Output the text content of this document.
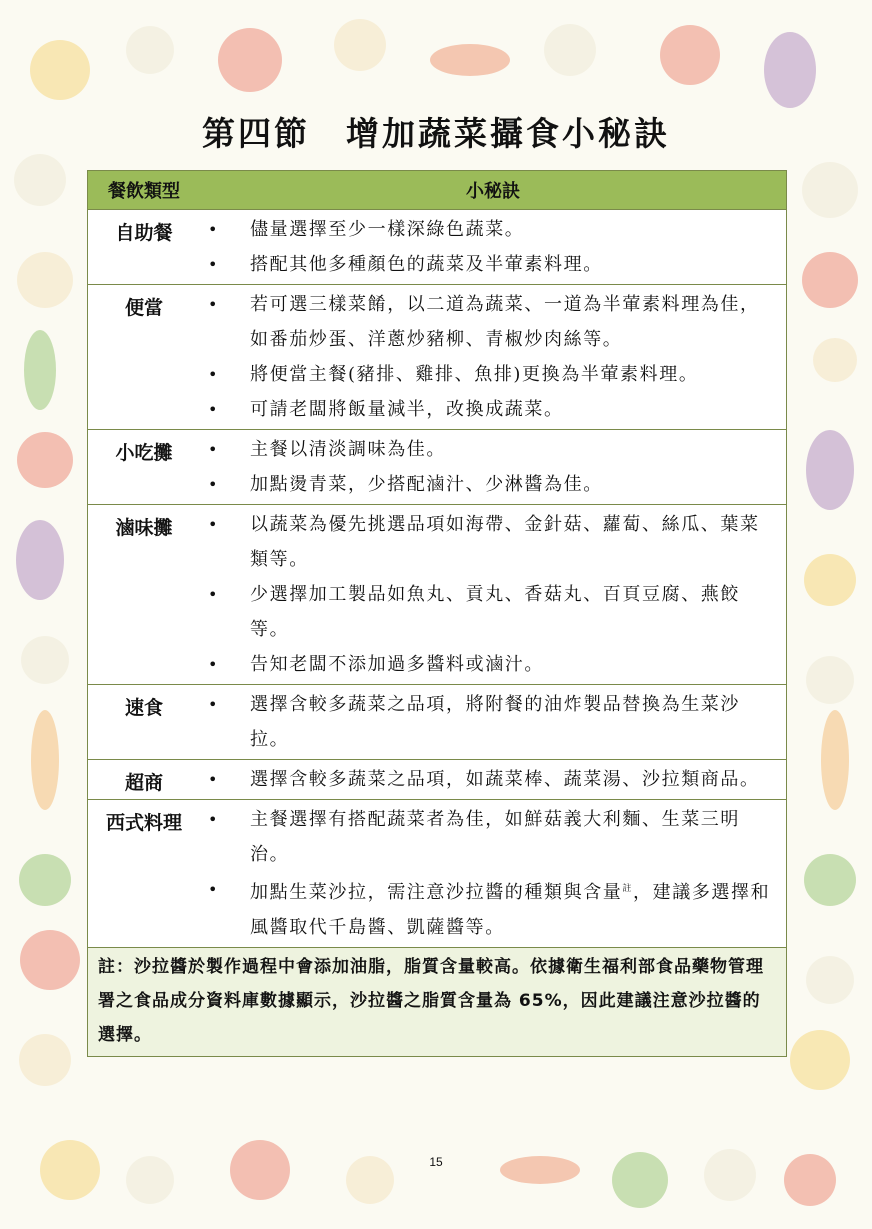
第四節　增加蔬菜攝食小秘訣
餐飲類型	小秘訣
自助餐	• 儘量選擇至少一樣深綠色蔬菜。
• 搭配其他多種顏色的蔬菜及半葷素料理。
便當	• 若可選三樣菜餚，以二道為蔬菜、一道為半葷素料理為佳，如番茄炒蛋、洋蔥炒豬柳、青椒炒肉絲等。
• 將便當主餐(豬排、雞排、魚排)更換為半葷素料理。
• 可請老闆將飯量減半，改換成蔬菜。
小吃攤	• 主餐以清淡調味為佳。
• 加點燙青菜，少搭配滷汁、少淋醬為佳。
滷味攤	• 以蔬菜為優先挑選品項如海帶、金針菇、蘿蔔、絲瓜、葉菜類等。
• 少選擇加工製品如魚丸、貢丸、香菇丸、百頁豆腐、燕餃等。
• 告知老闆不添加過多醬料或滷汁。
速食	• 選擇含較多蔬菜之品項，將附餐的油炸製品替換為生菜沙拉。
超商	• 選擇含較多蔬菜之品項，如蔬菜棒、蔬菜湯、沙拉類商品。
西式料理	• 主餐選擇有搭配蔬菜者為佳，如鮮菇義大利麵、生菜三明治。
• 加點生菜沙拉，需注意沙拉醬的種類與含量$^註$，建議多選擇和風醬取代千島醬、凱薩醬等。
註：沙拉醬於製作過程中會添加油脂，脂質含量較高。依據衛生福利部食品藥物管理署之食品成分資料庫數據顯示，沙拉醬之脂質含量為 65%，因此建議注意沙拉醬的選擇。
15
